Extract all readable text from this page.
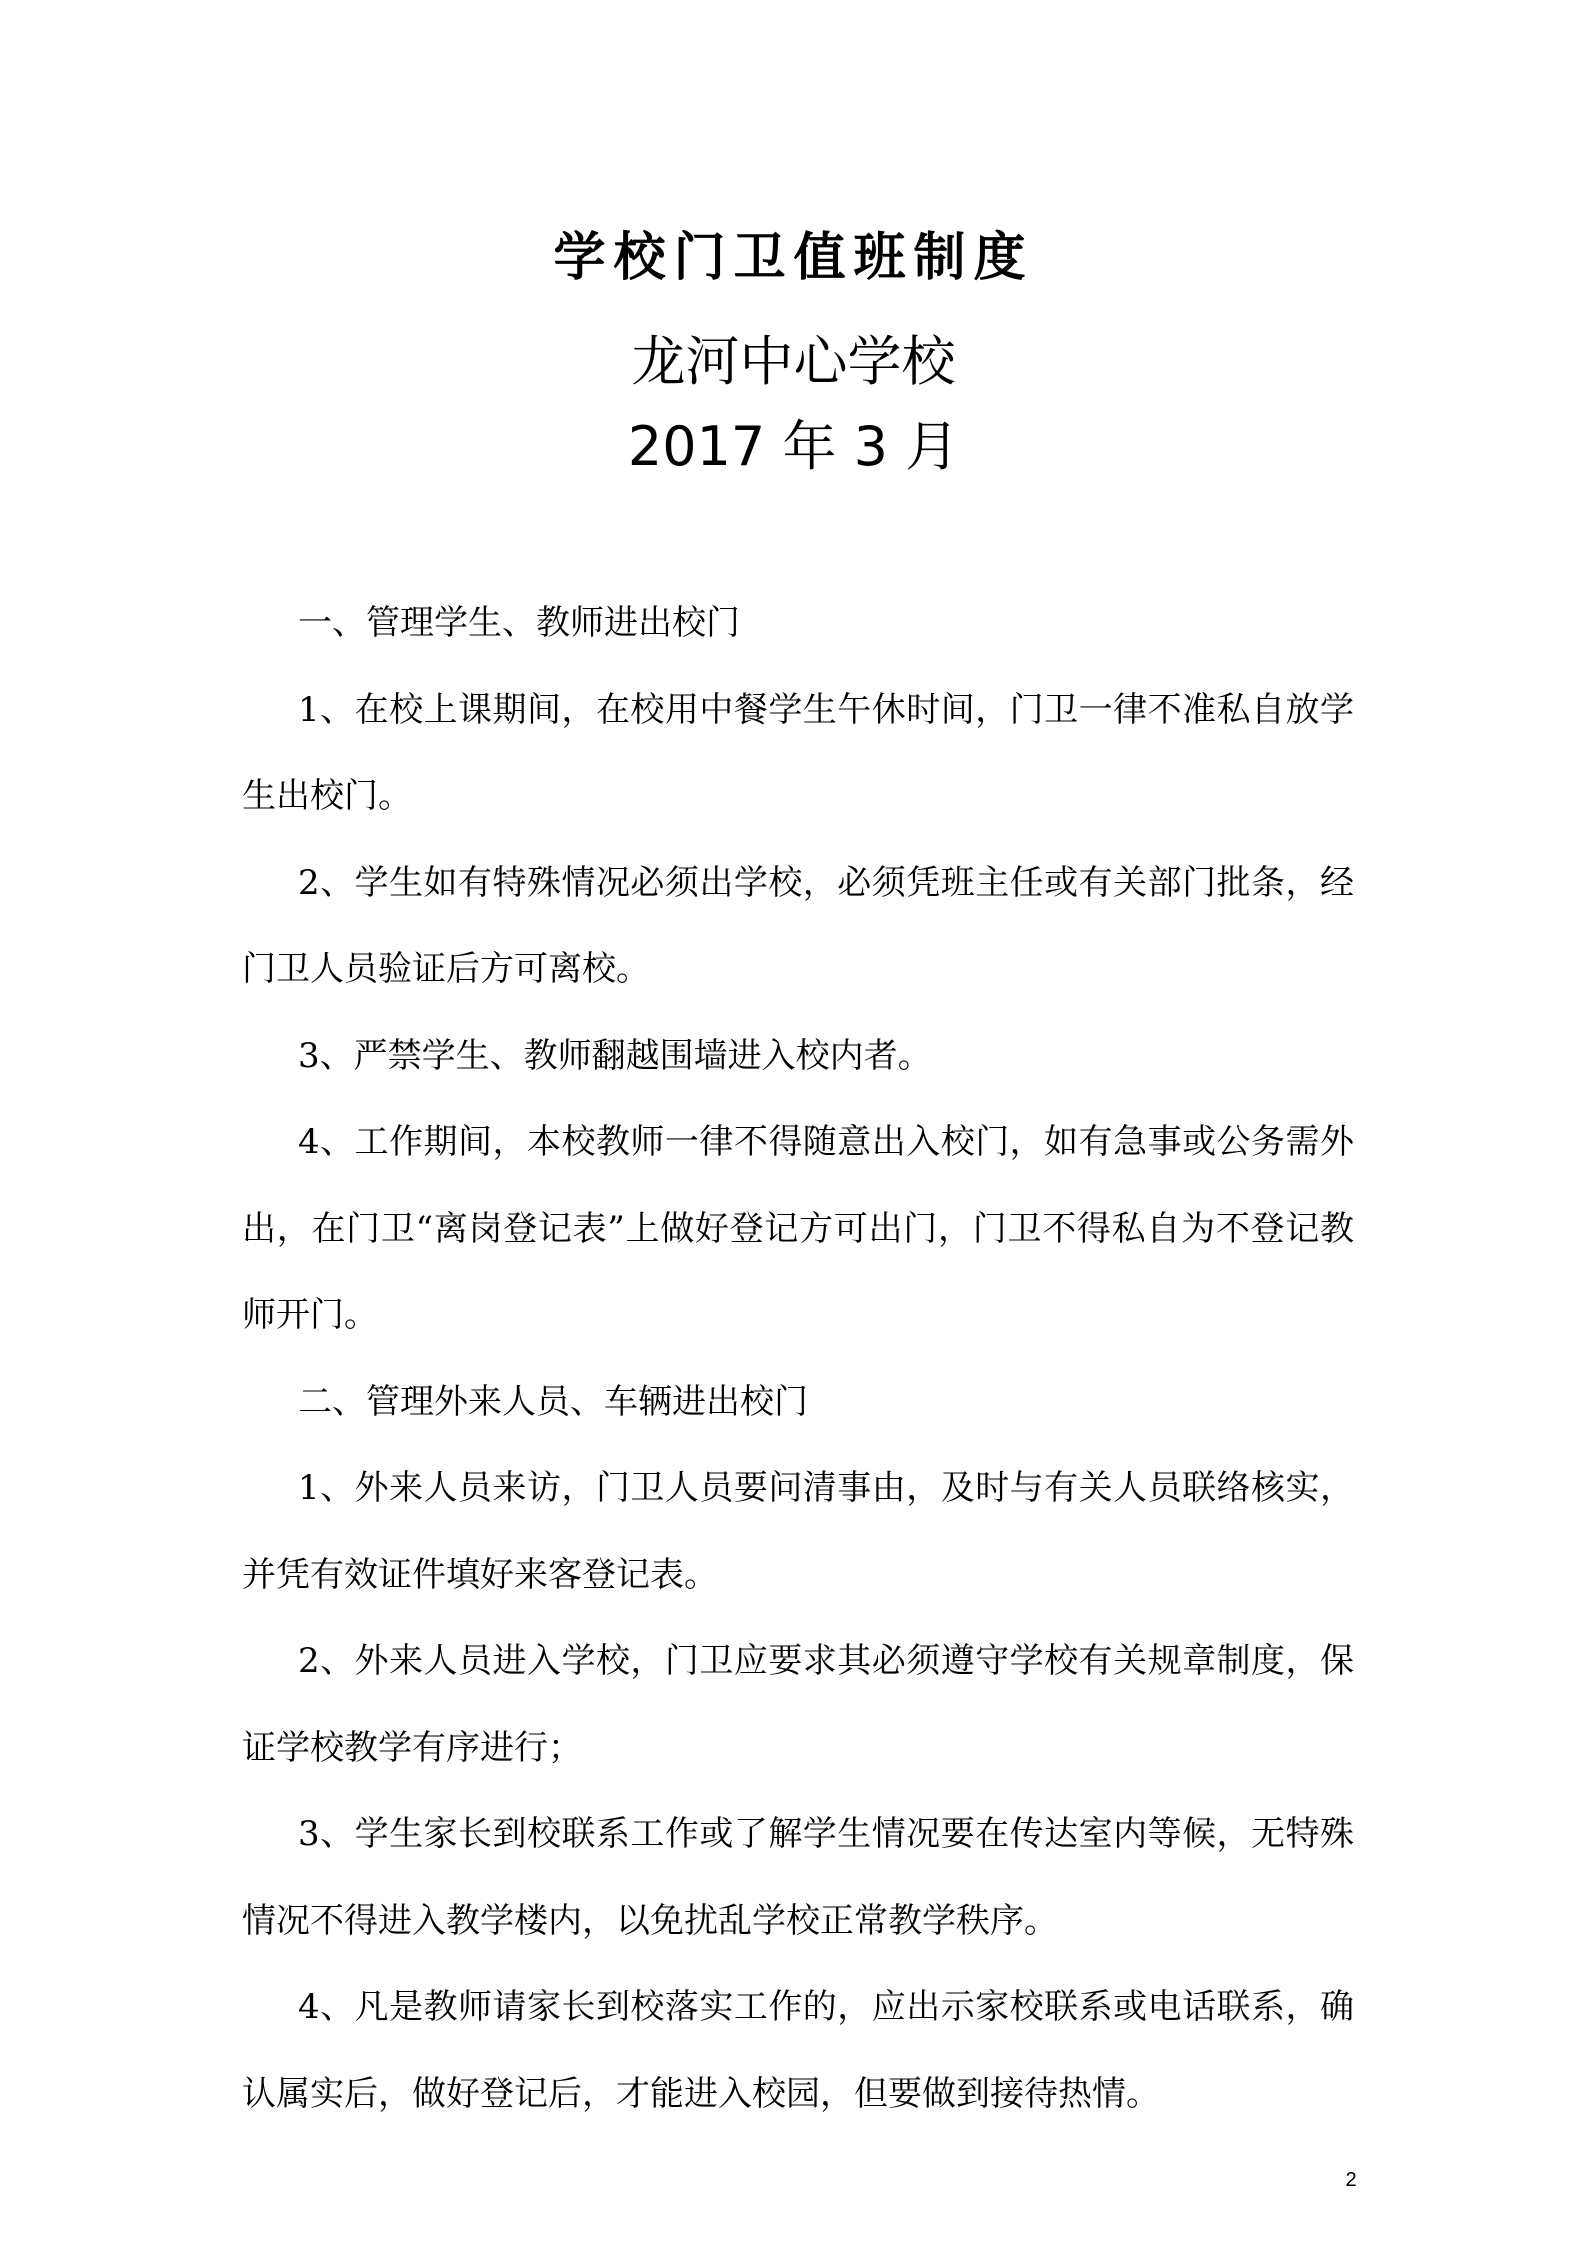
学校门卫值班制度
龙河中心学校
2017 年 3 月

一、管理学生、教师进出校门

1、在校上课期间，在校用中餐学生午休时间，门卫一律不准私自放学生出校门。

2、学生如有特殊情况必须出学校，必须凭班主任或有关部门批条，经门卫人员验证后方可离校。

3、严禁学生、教师翻越围墙进入校内者。

4、工作期间，本校教师一律不得随意出入校门，如有急事或公务需外出，在门卫“离岗登记表”上做好登记方可出门，门卫不得私自为不登记教师开门。

二、管理外来人员、车辆进出校门

1、外来人员来访，门卫人员要问清事由，及时与有关人员联络核实，并凭有效证件填好来客登记表。

2、外来人员进入学校，门卫应要求其必须遵守学校有关规章制度，保证学校教学有序进行；

3、学生家长到校联系工作或了解学生情况要在传达室内等候，无特殊情况不得进入教学楼内，以免扰乱学校正常教学秩序。

4、凡是教师请家长到校落实工作的，应出示家校联系或电话联系，确认属实后，做好登记后，才能进入校园，但要做到接待热情。

2
